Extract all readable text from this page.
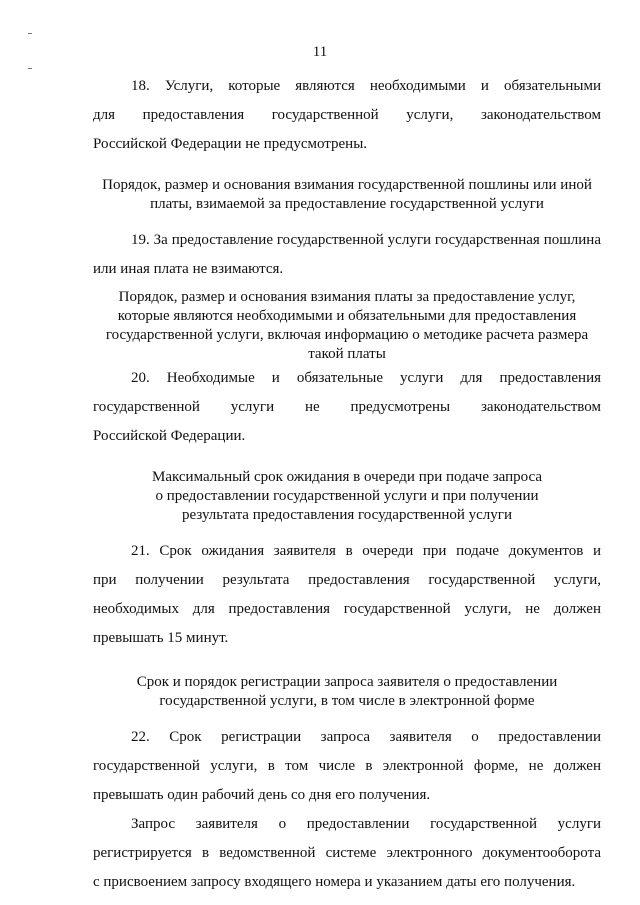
11

18. Услуги, которые являются необходимыми и обязательными

для предоставления государственной услуги, законодательством

Российской Федерации не предусмотрены.

Порядок, размер и основания взимания государственной пошлины или иной

платы, взимаемой за предоставление государственной услуги

19. За предоставление государственной услуги государственная пошлина

или иная плата не взимаются.

Порядок, размер и основания взимания платы за предоставление услуг,

которые являются необходимыми и обязательными для предоставления

государственной услуги, включая информацию о методике расчета размера

такой платы

20. Необходимые и обязательные услуги для предоставления

государственной услуги не предусмотрены законодательством

Российской Федерации.

Максимальный срок ожидания в очереди при подаче запроса

о предоставлении государственной услуги и при получении

результата предоставления государственной услуги

21. Срок ожидания заявителя в очереди при подаче документов и

при получении результата предоставления государственной услуги,

необходимых для предоставления государственной услуги, не должен

превышать 15 минут.

Срок и порядок регистрации запроса заявителя о предоставлении

государственной услуги, в том числе в электронной форме

22. Срок регистрации запроса заявителя о предоставлении

государственной услуги, в том числе в электронной форме, не должен

превышать один рабочий день со дня его получения.

Запрос заявителя о предоставлении государственной услуги

регистрируется в ведомственной системе электронного документооборота

с присвоением запросу входящего номера и указанием даты его получения.
